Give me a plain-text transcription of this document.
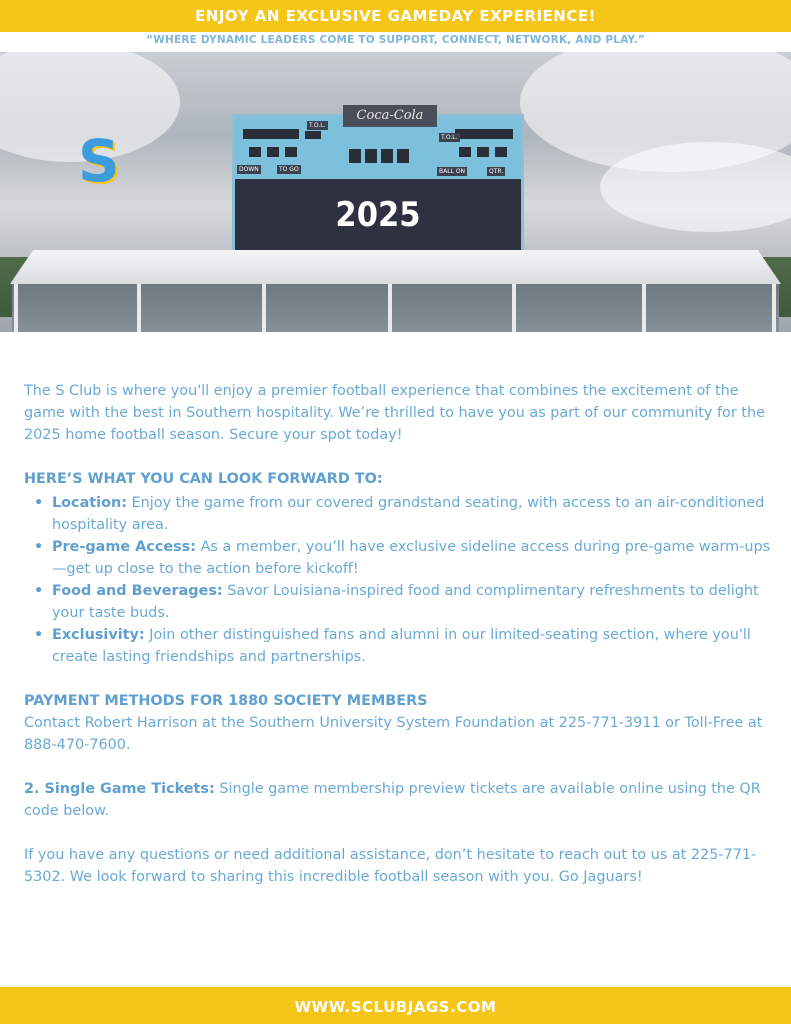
ENJOY AN EXCLUSIVE GAMEDAY EXPERIENCE!
“WHERE DYNAMIC LEADERS COME TO SUPPORT, CONNECT, NETWORK, AND PLAY.”
S
T.O.L.
T.O.L.
DOWN	TO GO	BALL ON	QTR.
Coca-Cola
2025

The S Club is where you'll enjoy a premier football experience that combines the excitement of the game with the best in Southern hospitality. We’re thrilled to have you as part of our community for the 2025 home football season. Secure your spot today!

HERE’S WHAT YOU CAN LOOK FORWARD TO:
• Location: Enjoy the game from our covered grandstand seating, with access to an air-conditioned hospitality area.
• Pre-game Access: As a member, you’ll have exclusive sideline access during pre-game warm-ups—get up close to the action before kickoff!
• Food and Beverages: Savor Louisiana-inspired food and complimentary refreshments to delight your taste buds.
• Exclusivity: Join other distinguished fans and alumni in our limited-seating section, where you'll create lasting friendships and partnerships.
PAYMENT METHODS FOR 1880 SOCIETY MEMBERS
Contact Robert Harrison at the Southern University System Foundation at 225-771-3911 or Toll-Free at 888-470-7600.

2. Single Game Tickets: Single game membership preview tickets are available online using the QR code below.

If you have any questions or need additional assistance, don’t hesitate to reach out to us at 225-771-5302. We look forward to sharing this incredible football season with you. Go Jaguars!

WWW.SCLUBJAGS.COM
